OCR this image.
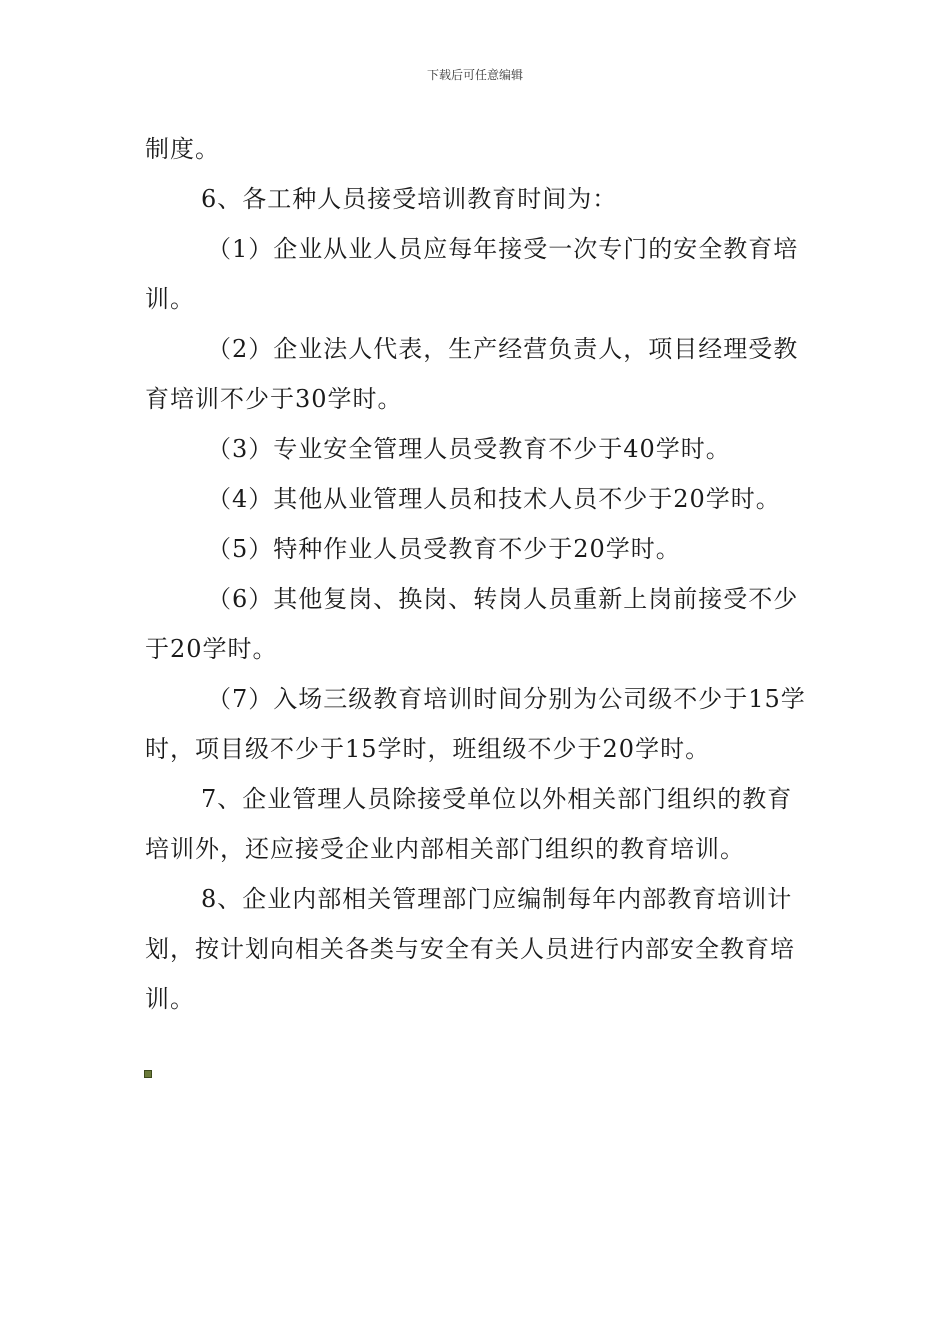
下载后可任意编辑

制度。

6、各工种人员接受培训教育时间为：

（1）企业从业人员应每年接受一次专门的安全教育培训。

（2）企业法人代表，生产经营负责人，项目经理受教育培训不少于30学时。

（3）专业安全管理人员受教育不少于40学时。

（4）其他从业管理人员和技术人员不少于20学时。

（5）特种作业人员受教育不少于20学时。

（6）其他复岗、换岗、转岗人员重新上岗前接受不少于20学时。

（7）入场三级教育培训时间分别为公司级不少于15学时，项目级不少于15学时，班组级不少于20学时。

7、企业管理人员除接受单位以外相关部门组织的教育培训外，还应接受企业内部相关部门组织的教育培训。

8、企业内部相关管理部门应编制每年内部教育培训计划，按计划向相关各类与安全有关人员进行内部安全教育培训。
